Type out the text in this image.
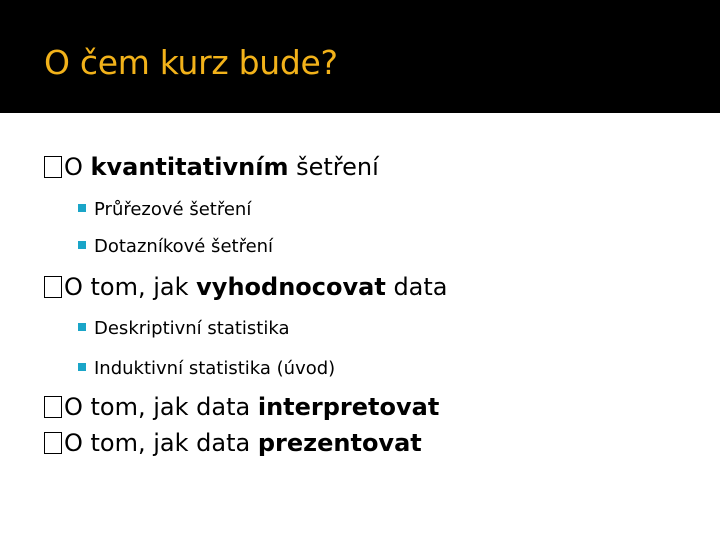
O čem kurz bude?
O kvantitativním šetření
Průřezové šetření
Dotazníkové šetření
O tom, jak vyhodnocovat data
Deskriptivní statistika
Induktivní statistika (úvod)
O tom, jak data interpretovat
O tom, jak data prezentovat
